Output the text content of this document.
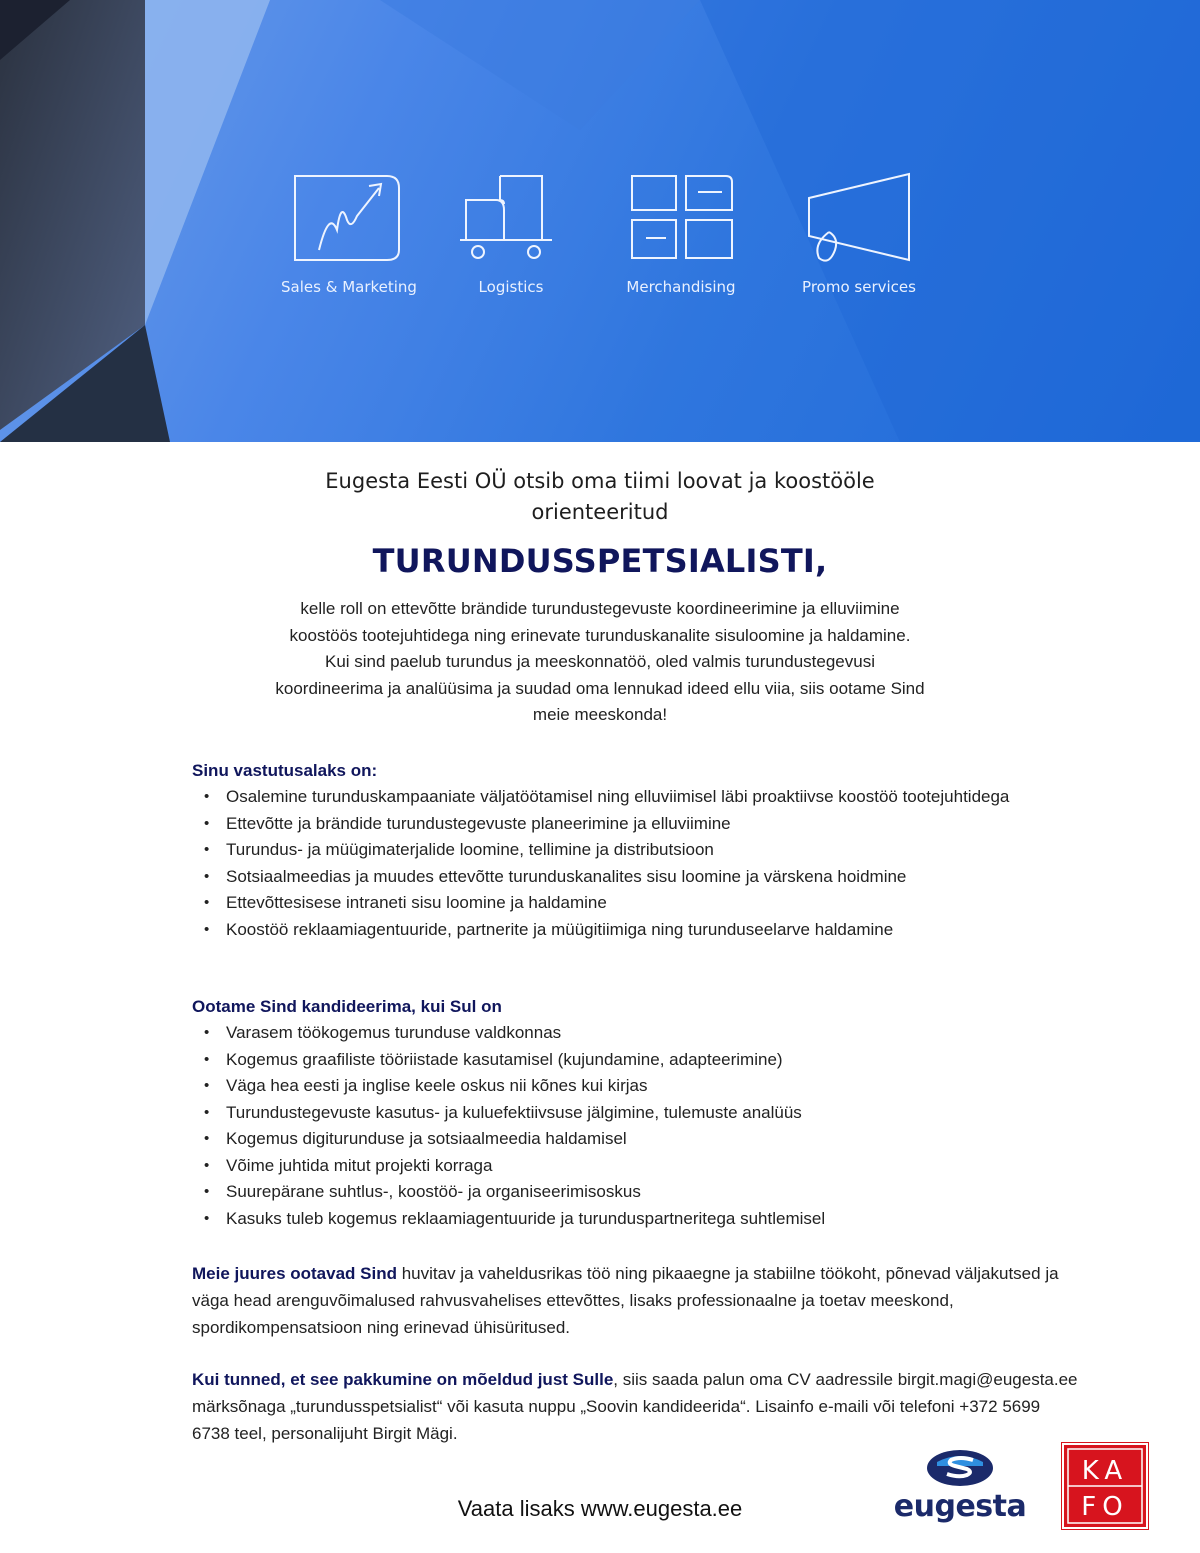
Sales & Marketing	Logistics	Merchandising	Promo services
Eugesta Eesti OÜ otsib oma tiimi loovat ja koostööle
orienteeritud
TURUNDUSSPETSIALISTI,
kelle roll on ettevõtte brändide turundustegevuste koordineerimine ja elluviimine
koostöös tootejuhtidega ning erinevate turunduskanalite sisuloomine ja haldamine.
Kui sind paelub turundus ja meeskonnatöö, oled valmis turundustegevusi
koordineerima ja analüüsima ja suudad oma lennukad ideed ellu viia, siis ootame Sind
meie meeskonda!
Sinu vastutusalaks on:
• Osalemine turunduskampaaniate väljatöötamisel ning elluviimisel läbi proaktiivse koostöö tootejuhtidega
• Ettevõtte ja brändide turundustegevuste planeerimine ja elluviimine
• Turundus- ja müügimaterjalide loomine, tellimine ja distributsioon
• Sotsiaalmeedias ja muudes ettevõtte turunduskanalites sisu loomine ja värskena hoidmine
• Ettevõttesisese intraneti sisu loomine ja haldamine
• Koostöö reklaamiagentuuride, partnerite ja müügitiimiga ning turunduseelarve haldamine
Ootame Sind kandideerima, kui Sul on
• Varasem töökogemus turunduse valdkonnas
• Kogemus graafiliste tööriistade kasutamisel (kujundamine, adapteerimine)
• Väga hea eesti ja inglise keele oskus nii kõnes kui kirjas
• Turundustegevuste kasutus- ja kuluefektiivsuse jälgimine, tulemuste analüüs
• Kogemus digiturunduse ja sotsiaalmeedia haldamisel
• Võime juhtida mitut projekti korraga
• Suurepärane suhtlus-, koostöö- ja organiseerimisoskus
• Kasuks tuleb kogemus reklaamiagentuuride ja turunduspartneritega suhtlemisel
Meie juures ootavad Sind huvitav ja vaheldusrikas töö ning pikaaegne ja stabiilne töökoht, põnevad väljakutsed ja väga head arenguvõimalused rahvusvahelises ettevõttes, lisaks professionaalne ja toetav meeskond, spordikompensatsioon ning erinevad ühisüritused.
Kui tunned, et see pakkumine on mõeldud just Sulle, siis saada palun oma CV aadressile birgit.magi@eugesta.ee märksõnaga „turundusspetsialist“ või kasuta nuppu „Soovin kandideerida“. Lisainfo e-maili või telefoni +372 5699 6738 teel, personalijuht Birgit Mägi.
Vaata lisaks www.eugesta.ee	eugesta
KA
FO
